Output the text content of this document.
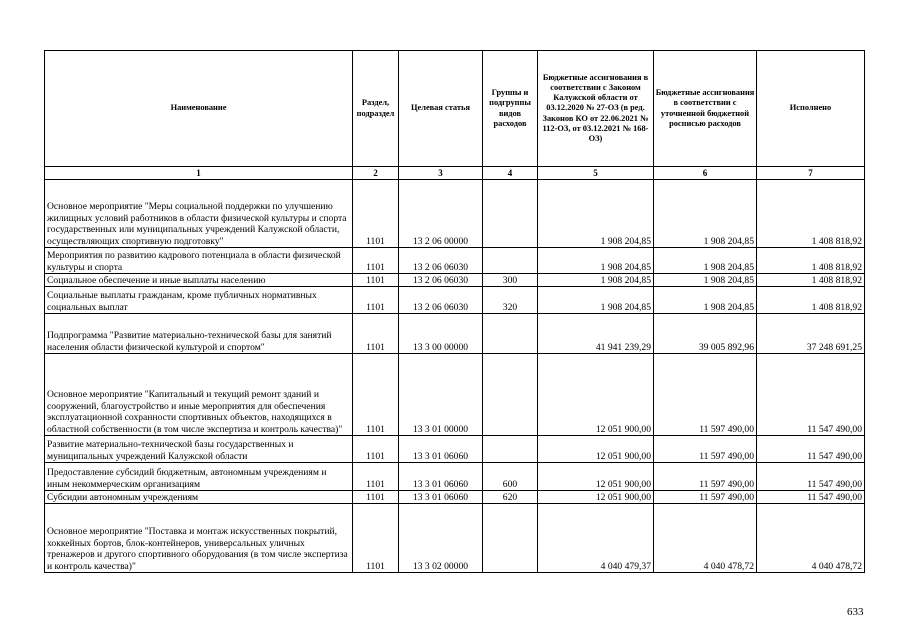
Наименование	Раздел, подраздел	Целевая статья	Группы и подгруппы видов расходов	Бюджетные ассигнования в соответствии с Законом Калужской области от 03.12.2020 № 27-ОЗ (в ред. Законов КО от 22.06.2021 № 112-ОЗ, от 03.12.2021 № 168-ОЗ)	Бюджетные ассигнования в соответствии с уточненной бюджетной росписью расходов	Исполнено
1	2	3	4	5	6	7
Основное мероприятие "Меры социальной поддержки по улучшению жилищных условий работников в области физической культуры и спорта государственных или муниципальных учреждений Калужской области, осуществляющих спортивную подготовку"	1101	13 2 06 00000		1 908 204,85	1 908 204,85	1 408 818,92
Мероприятия по развитию кадрового потенциала в области физической культуры и спорта	1101	13 2 06 06030		1 908 204,85	1 908 204,85	1 408 818,92
Социальное обеспечение и иные выплаты населению	1101	13 2 06 06030	300	1 908 204,85	1 908 204,85	1 408 818,92
Социальные выплаты гражданам, кроме публичных нормативных социальных выплат	1101	13 2 06 06030	320	1 908 204,85	1 908 204,85	1 408 818,92
Подпрограмма "Развитие материально-технической базы для занятий населения области физической культурой и спортом"	1101	13 3 00 00000		41 941 239,29	39 005 892,96	37 248 691,25
Основное мероприятие "Капитальный и текущий ремонт зданий и сооружений, благоустройство и иные мероприятия для обеспечения эксплуатационной сохранности спортивных объектов, находящихся в областной собственности (в том числе экспертиза и контроль качества)"	1101	13 3 01 00000		12 051 900,00	11 597 490,00	11 547 490,00
Развитие материально-технической базы государственных и муниципальных учреждений Калужской области	1101	13 3 01 06060		12 051 900,00	11 597 490,00	11 547 490,00
Предоставление субсидий бюджетным, автономным учреждениям и иным некоммерческим организациям	1101	13 3 01 06060	600	12 051 900,00	11 597 490,00	11 547 490,00
Субсидии автономным учреждениям	1101	13 3 01 06060	620	12 051 900,00	11 597 490,00	11 547 490,00
Основное мероприятие "Поставка и монтаж искусственных покрытий, хоккейных бортов, блок-контейнеров, универсальных уличных тренажеров и другого спортивного оборудования (в том числе экспертиза и контроль качества)"	1101	13 3 02 00000		4 040 479,37	4 040 478,72	4 040 478,72
633
